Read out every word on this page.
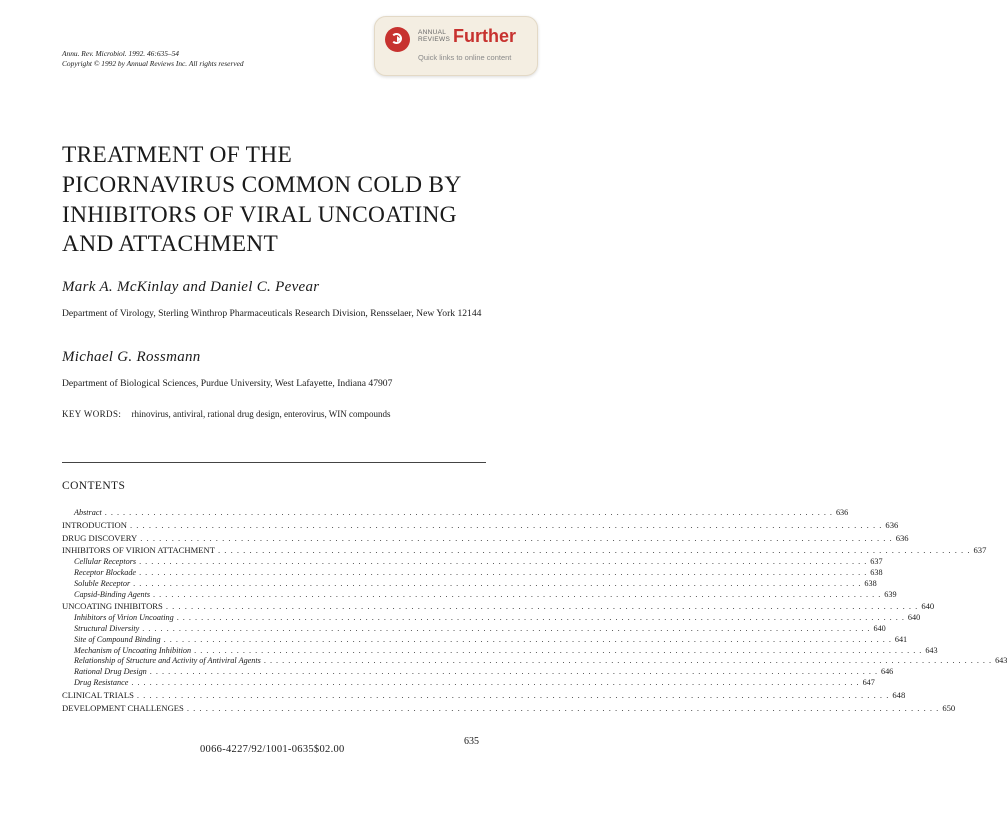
Annu. Rev. Microbiol. 1992. 46:635–54
Copyright © 1992 by Annual Reviews Inc. All rights reserved
ANNUAL
REVIEWS Further
Quick links to online content
TREATMENT OF THE
PICORNAVIRUS COMMON COLD BY
INHIBITORS OF VIRAL UNCOATING
AND ATTACHMENT
Mark A. McKinlay and Daniel C. Pevear
Department of Virology, Sterling Winthrop Pharmaceuticals Research Division, Rensselaer, New York 12144
Michael G. Rossmann
Department of Biological Sciences, Purdue University, West Lafayette, Indiana 47907
KEY WORDS: rhinovirus, antiviral, rational drug design, enterovirus, WIN compounds
CONTENTS
Abstract . . . . . . . . . . . . . . . . . . . . . . . . . . . . . . . . . . . . . . . . . . . . . . . . . . . . . . . . . . . . . . . . . . . . . . . . . . . . . . . . . . . . . . . . . . . . . . . . . . . . . . . . . . . . . . . . . . . . . . . . 636
INTRODUCTION . . . . . . . . . . . . . . . . . . . . . . . . . . . . . . . . . . . . . . . . . . . . . . . . . . . . . . . . . . . . . . . . . . . . . . . . . . . . . . . . . . . . . . . . . . . . . . . . . . . . . . . . . . . . . . . . . . . . . . . . 636
DRUG DISCOVERY . . . . . . . . . . . . . . . . . . . . . . . . . . . . . . . . . . . . . . . . . . . . . . . . . . . . . . . . . . . . . . . . . . . . . . . . . . . . . . . . . . . . . . . . . . . . . . . . . . . . . . . . . . . . . . . . . . . . . . . . 636
INHIBITORS OF VIRION ATTACHMENT . . . . . . . . . . . . . . . . . . . . . . . . . . . . . . . . . . . . . . . . . . . . . . . . . . . . . . . . . . . . . . . . . . . . . . . . . . . . . . . . . . . . . . . . . . . . . . . . . . . . . . . . . . . . . . . . . . . . . . . . 637
Cellular Receptors . . . . . . . . . . . . . . . . . . . . . . . . . . . . . . . . . . . . . . . . . . . . . . . . . . . . . . . . . . . . . . . . . . . . . . . . . . . . . . . . . . . . . . . . . . . . . . . . . . . . . . . . . . . . . . . . . . . . . . . . 637
Receptor Blockade . . . . . . . . . . . . . . . . . . . . . . . . . . . . . . . . . . . . . . . . . . . . . . . . . . . . . . . . . . . . . . . . . . . . . . . . . . . . . . . . . . . . . . . . . . . . . . . . . . . . . . . . . . . . . . . . . . . . . . . . 638
Soluble Receptor . . . . . . . . . . . . . . . . . . . . . . . . . . . . . . . . . . . . . . . . . . . . . . . . . . . . . . . . . . . . . . . . . . . . . . . . . . . . . . . . . . . . . . . . . . . . . . . . . . . . . . . . . . . . . . . . . . . . . . . . 638
Capsid-Binding Agents . . . . . . . . . . . . . . . . . . . . . . . . . . . . . . . . . . . . . . . . . . . . . . . . . . . . . . . . . . . . . . . . . . . . . . . . . . . . . . . . . . . . . . . . . . . . . . . . . . . . . . . . . . . . . . . . . . . . . . . . 639
UNCOATING INHIBITORS . . . . . . . . . . . . . . . . . . . . . . . . . . . . . . . . . . . . . . . . . . . . . . . . . . . . . . . . . . . . . . . . . . . . . . . . . . . . . . . . . . . . . . . . . . . . . . . . . . . . . . . . . . . . . . . . . . . . . . . . 640
Inhibitors of Virion Uncoating . . . . . . . . . . . . . . . . . . . . . . . . . . . . . . . . . . . . . . . . . . . . . . . . . . . . . . . . . . . . . . . . . . . . . . . . . . . . . . . . . . . . . . . . . . . . . . . . . . . . . . . . . . . . . . . . . . . . . . . . 640
Structural Diversity . . . . . . . . . . . . . . . . . . . . . . . . . . . . . . . . . . . . . . . . . . . . . . . . . . . . . . . . . . . . . . . . . . . . . . . . . . . . . . . . . . . . . . . . . . . . . . . . . . . . . . . . . . . . . . . . . . . . . . . . 640
Site of Compound Binding . . . . . . . . . . . . . . . . . . . . . . . . . . . . . . . . . . . . . . . . . . . . . . . . . . . . . . . . . . . . . . . . . . . . . . . . . . . . . . . . . . . . . . . . . . . . . . . . . . . . . . . . . . . . . . . . . . . . . . . . 641
Mechanism of Uncoating Inhibition . . . . . . . . . . . . . . . . . . . . . . . . . . . . . . . . . . . . . . . . . . . . . . . . . . . . . . . . . . . . . . . . . . . . . . . . . . . . . . . . . . . . . . . . . . . . . . . . . . . . . . . . . . . . . . . . . . . . . . . . 643
Relationship of Structure and Activity of Antiviral Agents . . . . . . . . . . . . . . . . . . . . . . . . . . . . . . . . . . . . . . . . . . . . . . . . . . . . . . . . . . . . . . . . . . . . . . . . . . . . . . . . . . . . . . . . . . . . . . . . . . . . . . . . . . . . . . . . . . . . . . . . 643
Rational Drug Design . . . . . . . . . . . . . . . . . . . . . . . . . . . . . . . . . . . . . . . . . . . . . . . . . . . . . . . . . . . . . . . . . . . . . . . . . . . . . . . . . . . . . . . . . . . . . . . . . . . . . . . . . . . . . . . . . . . . . . . . 646
Drug Resistance . . . . . . . . . . . . . . . . . . . . . . . . . . . . . . . . . . . . . . . . . . . . . . . . . . . . . . . . . . . . . . . . . . . . . . . . . . . . . . . . . . . . . . . . . . . . . . . . . . . . . . . . . . . . . . . . . . . . . . . . 647
CLINICAL TRIALS . . . . . . . . . . . . . . . . . . . . . . . . . . . . . . . . . . . . . . . . . . . . . . . . . . . . . . . . . . . . . . . . . . . . . . . . . . . . . . . . . . . . . . . . . . . . . . . . . . . . . . . . . . . . . . . . . . . . . . . . 648
DEVELOPMENT CHALLENGES . . . . . . . . . . . . . . . . . . . . . . . . . . . . . . . . . . . . . . . . . . . . . . . . . . . . . . . . . . . . . . . . . . . . . . . . . . . . . . . . . . . . . . . . . . . . . . . . . . . . . . . . . . . . . . . . . . . . . . . . 650
635
0066-4227/92/1001-0635$02.00
